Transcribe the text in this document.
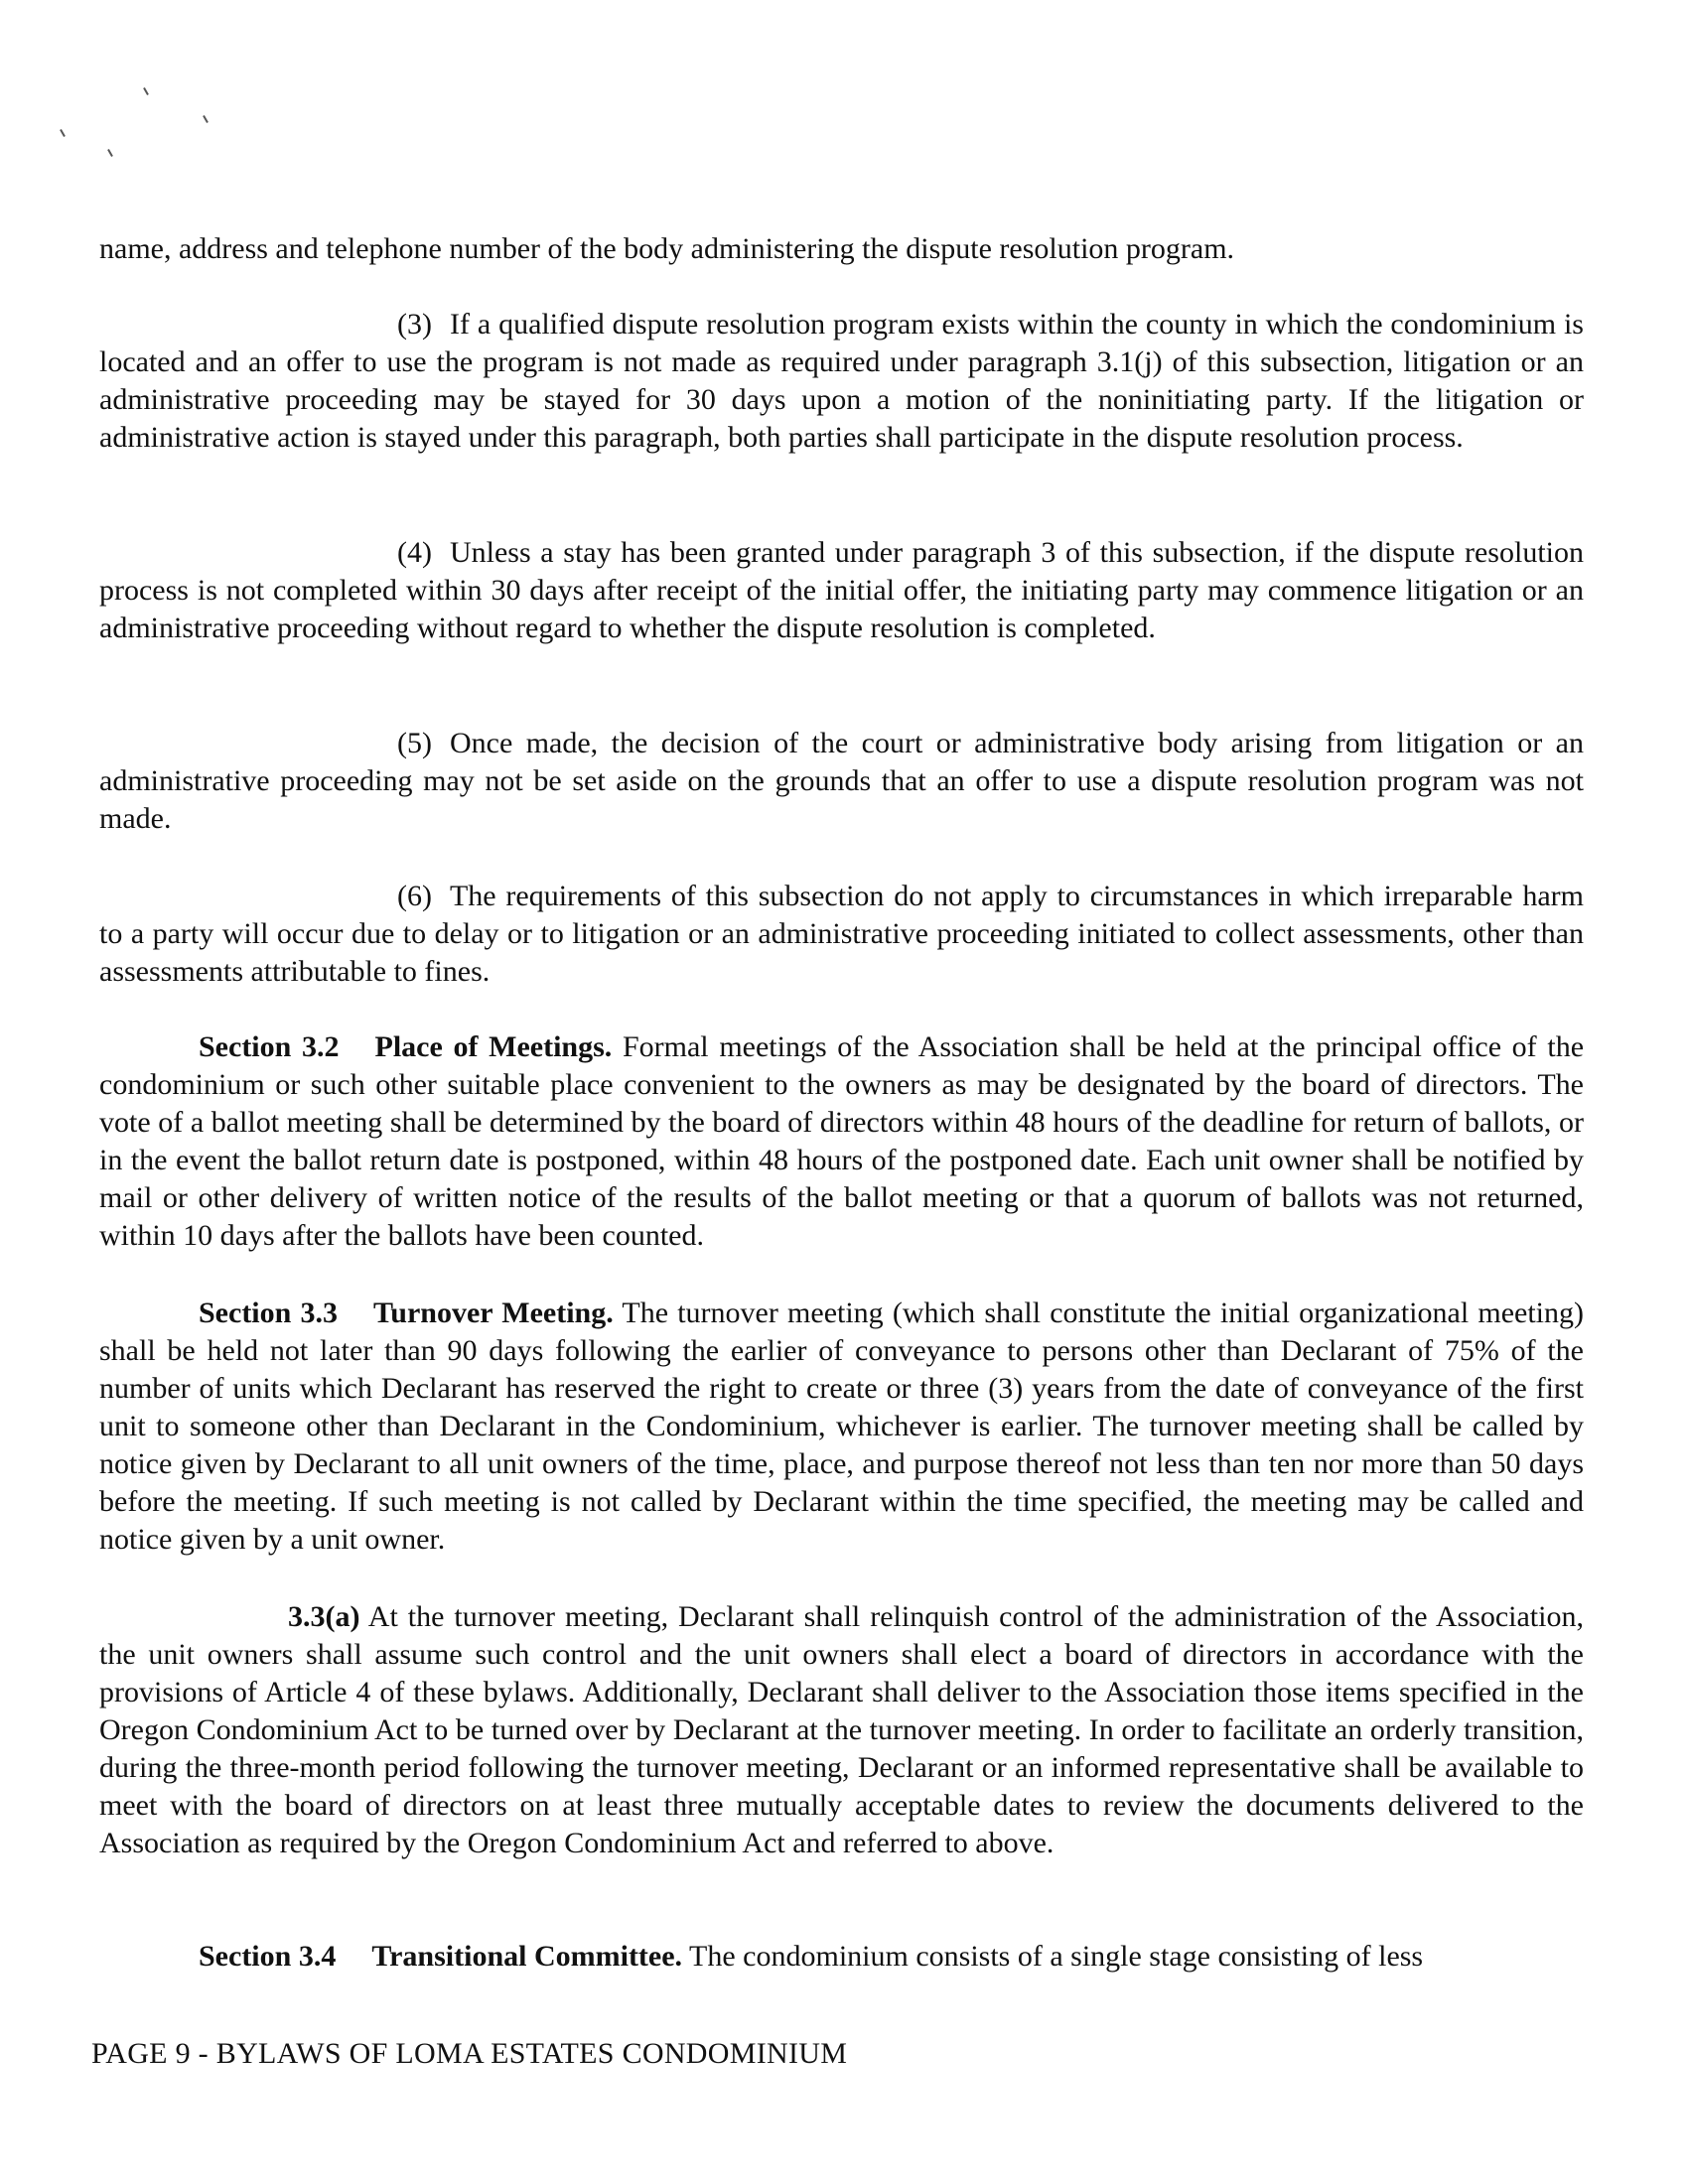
name, address and telephone number of the body administering the dispute resolution program.
(3) If a qualified dispute resolution program exists within the county in which the condominium is located and an offer to use the program is not made as required under paragraph 3.1(j) of this subsection, litigation or an administrative proceeding may be stayed for 30 days upon a motion of the noninitiating party. If the litigation or administrative action is stayed under this paragraph, both parties shall participate in the dispute resolution process.
(4) Unless a stay has been granted under paragraph 3 of this subsection, if the dispute resolution process is not completed within 30 days after receipt of the initial offer, the initiating party may commence litigation or an administrative proceeding without regard to whether the dispute resolution is completed.
(5) Once made, the decision of the court or administrative body arising from litigation or an administrative proceeding may not be set aside on the grounds that an offer to use a dispute resolution program was not made.
(6) The requirements of this subsection do not apply to circumstances in which irreparable harm to a party will occur due to delay or to litigation or an administrative proceeding initiated to collect assessments, other than assessments attributable to fines.
Section 3.2 Place of Meetings. Formal meetings of the Association shall be held at the principal office of the condominium or such other suitable place convenient to the owners as may be designated by the board of directors. The vote of a ballot meeting shall be determined by the board of directors within 48 hours of the deadline for return of ballots, or in the event the ballot return date is postponed, within 48 hours of the postponed date. Each unit owner shall be notified by mail or other delivery of written notice of the results of the ballot meeting or that a quorum of ballots was not returned, within 10 days after the ballots have been counted.
Section 3.3 Turnover Meeting. The turnover meeting (which shall constitute the initial organizational meeting) shall be held not later than 90 days following the earlier of conveyance to persons other than Declarant of 75% of the number of units which Declarant has reserved the right to create or three (3) years from the date of conveyance of the first unit to someone other than Declarant in the Condominium, whichever is earlier. The turnover meeting shall be called by notice given by Declarant to all unit owners of the time, place, and purpose thereof not less than ten nor more than 50 days before the meeting. If such meeting is not called by Declarant within the time specified, the meeting may be called and notice given by a unit owner.
3.3(a) At the turnover meeting, Declarant shall relinquish control of the administration of the Association, the unit owners shall assume such control and the unit owners shall elect a board of directors in accordance with the provisions of Article 4 of these bylaws. Additionally, Declarant shall deliver to the Association those items specified in the Oregon Condominium Act to be turned over by Declarant at the turnover meeting. In order to facilitate an orderly transition, during the three-month period following the turnover meeting, Declarant or an informed representative shall be available to meet with the board of directors on at least three mutually acceptable dates to review the documents delivered to the Association as required by the Oregon Condominium Act and referred to above.
Section 3.4 Transitional Committee. The condominium consists of a single stage consisting of less
PAGE 9 - BYLAWS OF LOMA ESTATES CONDOMINIUM
